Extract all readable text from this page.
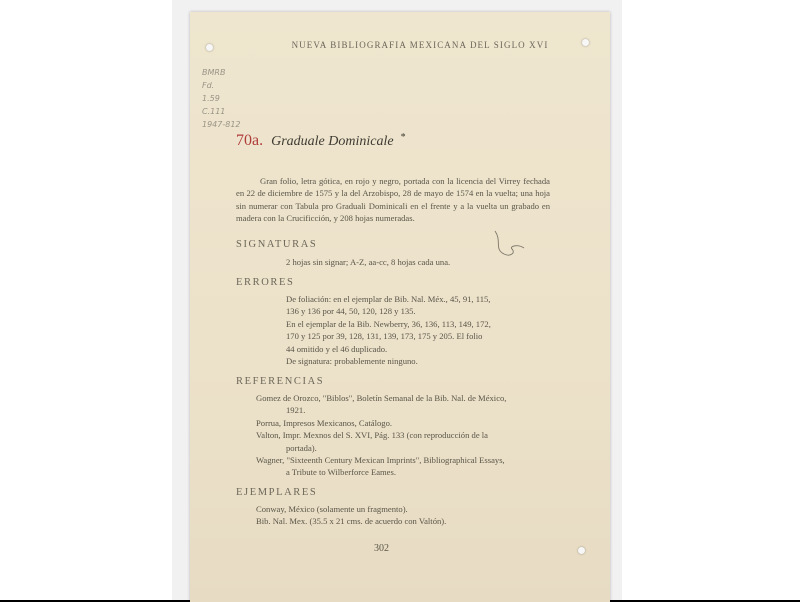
NUEVA BIBLIOGRAFIA MEXICANA DEL SIGLO XVI
BMRB
Fd.
1.59
C.111
1947-812
70a. Graduale Dominicale *
Gran folio, letra gótica, en rojo y negro, portada con la licencia del Virrey fechada en 22 de diciembre de 1575 y la del Arzobispo, 28 de mayo de 1574 en la vuelta; una hoja sin numerar con Tabula pro Graduali Dominicali en el frente y a la vuelta un grabado en madera con la Crucificción, y 208 hojas numeradas.
SIGNATURAS
2 hojas sin signar; A-Z, aa-cc, 8 hojas cada una.
ERRORES
De foliación: en el ejemplar de Bib. Nal. Méx., 45, 91, 115,
136 y 136 por 44, 50, 120, 128 y 135.
En el ejemplar de la Bib. Newberry, 36, 136, 113, 149, 172,
170 y 125 por 39, 128, 131, 139, 173, 175 y 205. El folio
44 omitido y el 46 duplicado.
De signatura: probablemente ninguno.
REFERENCIAS
Gomez de Orozco, "Biblos", Boletín Semanal de la Bib. Nal. de México,
1921.
Porrua, Impresos Mexicanos, Catálogo.
Valton, Impr. Mexnos del S. XVI, Pág. 133 (con reproducción de la
portada).
Wagner, "Sixteenth Century Mexican Imprints", Bibliographical Essays,
a Tribute to Wilberforce Eames.
EJEMPLARES
Conway, México (solamente un fragmento).
Bib. Nal. Mex. (35.5 x 21 cms. de acuerdo con Valtón).
302
